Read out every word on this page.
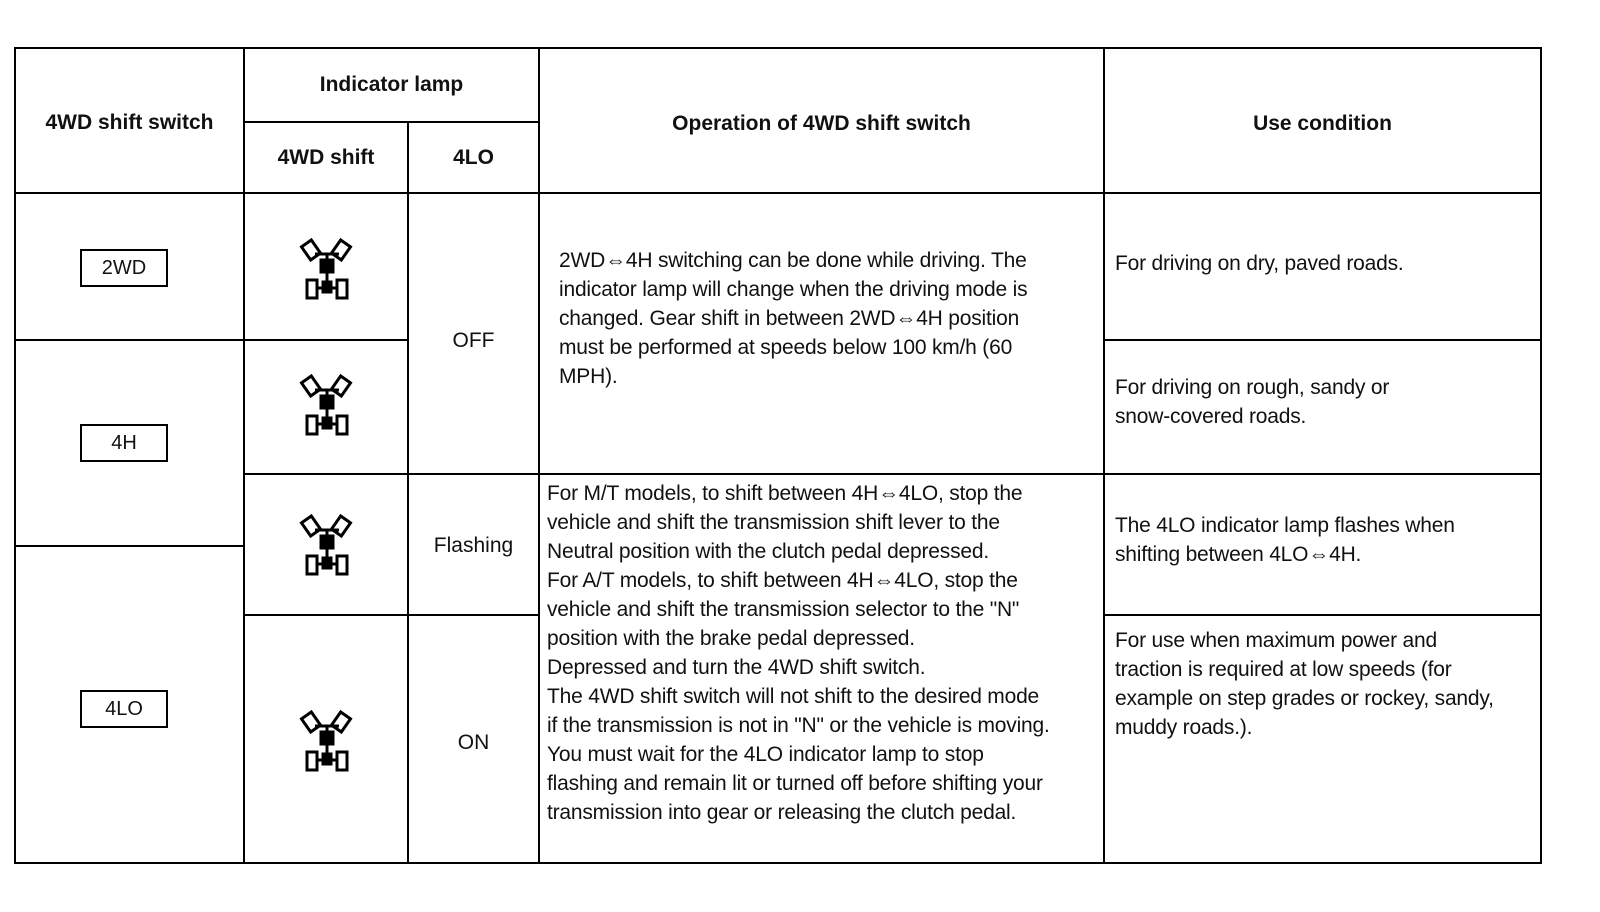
4WD shift switch
Indicator lamp
4WD shift	4LO
Operation of 4WD shift switch	Use condition
2WD
4H
4LO
OFF
Flashing
ON
2WD⇔4H switching can be done while driving. The
indicator lamp will change when the driving mode is
changed. Gear shift in between 2WD⇔4H position
must be performed at speeds below 100 km/h (60
MPH).
For M/T models, to shift between 4H⇔4LO, stop the
vehicle and shift the transmission shift lever to the
Neutral position with the clutch pedal depressed.
For A/T models, to shift between 4H⇔4LO, stop the
vehicle and shift the transmission selector to the "N"
position with the brake pedal depressed.
Depressed and turn the 4WD shift switch.
The 4WD shift switch will not shift to the desired mode
if the transmission is not in "N" or the vehicle is moving.
You must wait for the 4LO indicator lamp to stop
flashing and remain lit or turned off before shifting your
transmission into gear or releasing the clutch pedal.
For driving on dry, paved roads.
For driving on rough, sandy or
snow-covered roads.
The 4LO indicator lamp flashes when
shifting between 4LO⇔4H.
For use when maximum power and
traction is required at low speeds (for
example on step grades or rockey, sandy,
muddy roads.).
